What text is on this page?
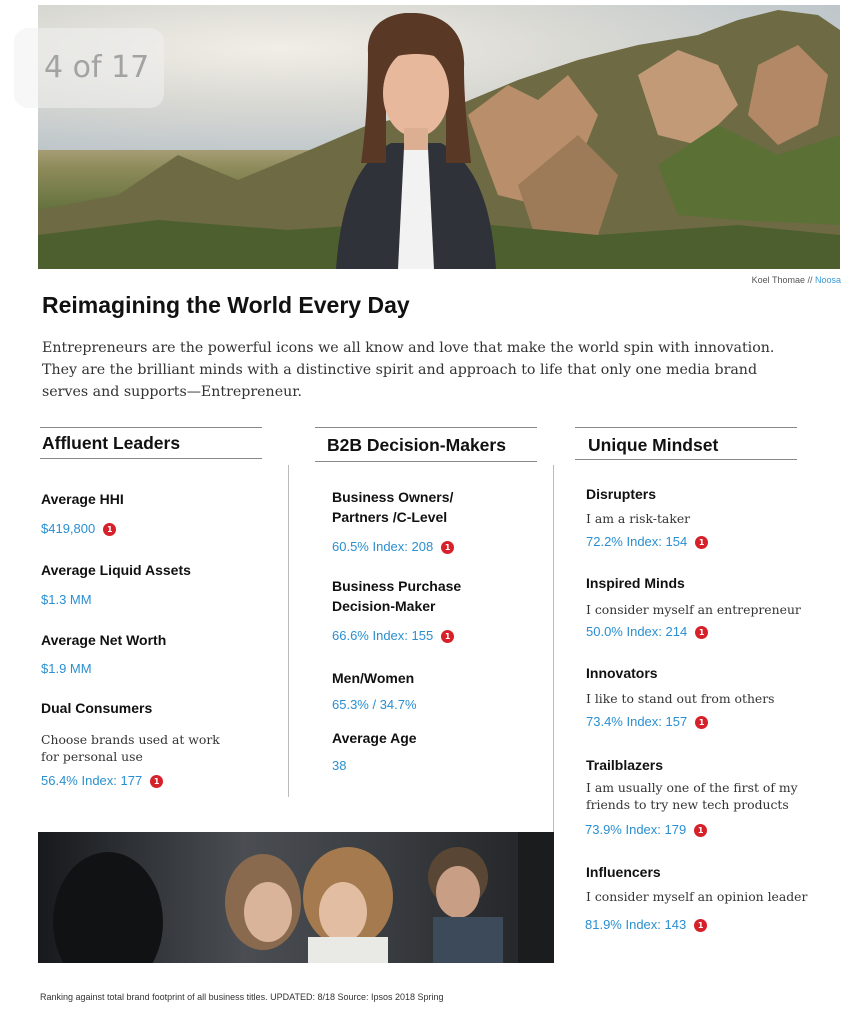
4 of 17
Koel Thomae // Noosa
Reimagining the World Every Day
Entrepreneurs are the powerful icons we all know and love that make the world spin with innovation. They are the brilliant minds with a distinctive spirit and approach to life that only one media brand serves and supports—Entrepreneur.
Affluent Leaders	B2B Decision-Makers	Unique Mindset
Average HHI
$419,800 1
Average Liquid Assets
$1.3 MM
Average Net Worth
$1.9 MM
Dual Consumers
Choose brands used at work for personal use
56.4% Index: 177 1
Business Owners/
Partners /C-Level
60.5% Index: 208 1
Business Purchase
Decision-Maker
66.6% Index: 155 1
Men/Women
65.3% / 34.7%
Average Age
38
Disrupters
I am a risk-taker
72.2% Index: 154 1
Inspired Minds
I consider myself an entrepreneur
50.0% Index: 214 1
Innovators
I like to stand out from others
73.4% Index: 157 1
Trailblazers
I am usually one of the first of my friends to try new tech products
73.9% Index: 179 1
Influencers
I consider myself an opinion leader
81.9% Index: 143 1
Ranking against total brand footprint of all business titles. UPDATED: 8/18 Source: Ipsos 2018 Spring
